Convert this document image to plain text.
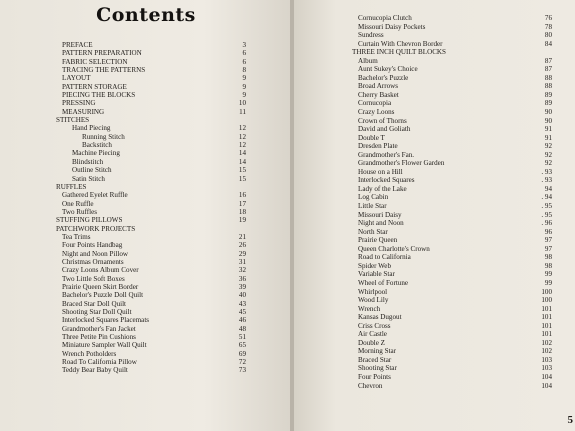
Contents
PREFACE	3
PATTERN PREPARATION	6
FABRIC SELECTION	6
TRACING THE PATTERNS	8
LAYOUT	9
PATTERN STORAGE	9
PIECING THE BLOCKS	9
PRESSING	10
MEASURING	11
STITCHES
Hand Piecing	12
Running Stitch	12
Backstitch	12
Machine Piecing	14
Blindstitch	14
Outline Stitch	15
Satin Stitch	15
RUFFLES
Gathered Eyelet Ruffle	16
One Ruffle	17
Two Ruffles	18
STUFFING PILLOWS	19
PATCHWORK PROJECTS
Tea Trims	21
Four Points Handbag	26
Night and Noon Pillow	29
Christmas Ornaments	31
Crazy Loons Album Cover	32
Two Little Soft Boxes	36
Prairie Queen Skirt Border	39
Bachelor's Puzzle Doll Quilt	40
Braced Star Doll Quilt	43
Shooting Star Doll Quilt	45
Interlocked Squares Placemats	46
Grandmother's Fan Jacket	48
Three Petite Pin Cushions	51
Miniature Sampler Wall Quilt	65
Wrench Potholders	69
Road To California Pillow	72
Teddy Bear Baby Quilt	73
Cornucopia Clutch	76
Missouri Daisy Pockets	78
Sundress	80
Curtain With Chevron Border	84
THREE INCH QUILT BLOCKS
Album	87
Aunt Sukey's Choice	87
Bachelor's Puzzle	88
Broad Arrows	88
Cherry Basket	89
Cornucopia	89
Crazy Loons	90
Crown of Thorns	90
David and Goliath	91
Double T	91
Dresden Plate	92
Grandmother's Fan.	92
Grandmother's Flower Garden	92
House on a Hill	. 93
Interlocked Squares	. 93
Lady of the Lake	94
Log Cabin	. 94
Little Star	. 95
Missouri Daisy	. 95
Night and Noon	. 96
North Star	96
Prairie Queen	97
Queen Charlotte's Crown	97
Road to California	98
Spider Web	98
Variable Star	99
Wheel of Fortune	99
Whirlpool	100
Wood Lily	100
Wrench	101
Kansas Dugout	101
Criss Cross	101
Air Castle	101
Double Z	102
Morning Star	102
Braced Star	103
Shooting Star	103
Four Points	104
Chevron	104
5
